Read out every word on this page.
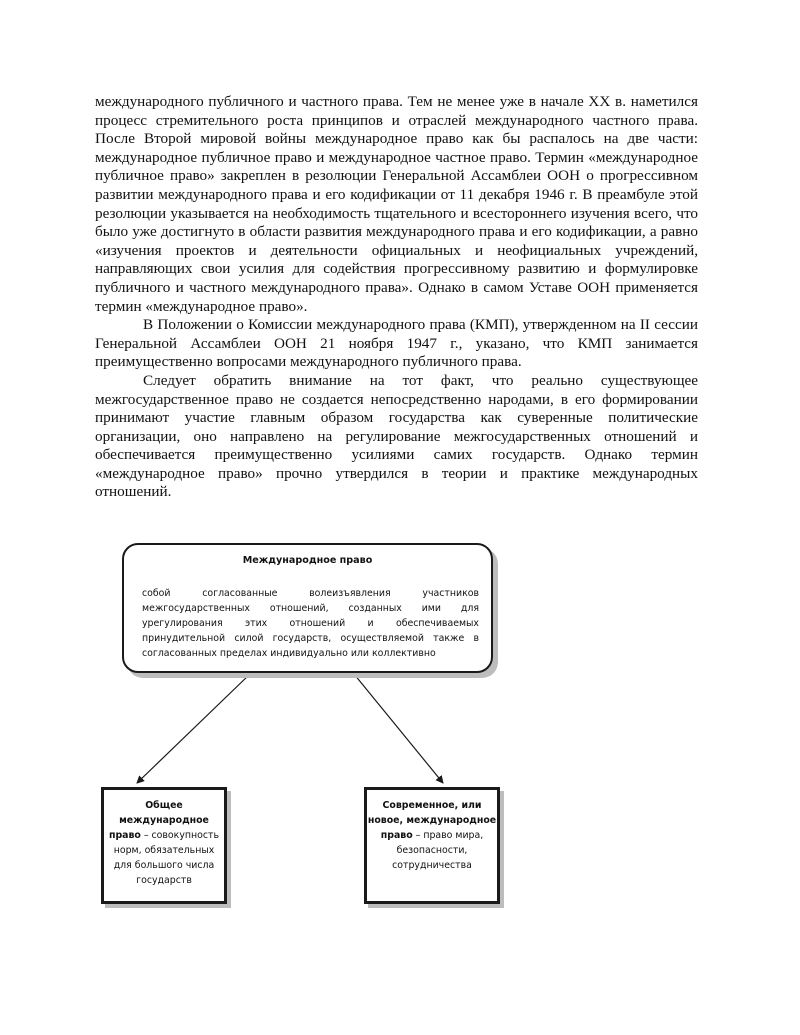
международного публичного и частного права. Тем не менее уже в начале XX в. наметился процесс стремительного роста принципов и отраслей международного частного права. После Второй мировой войны международное право как бы распалось на две части: международное публичное право и международное частное право. Термин «международное публичное право» закреплен в резолюции Генеральной Ассамблеи ООН о прогрессивном развитии международного права и его кодификации от 11 декабря 1946 г. В преамбуле этой резолюции указывается на необходимость тщательного и всестороннего изучения всего, что было уже достигнуто в области развития международного права и его кодификации, а равно «изучения проектов и деятельности официальных и неофициальных учреждений, направляющих свои усилия для содействия прогрессивному развитию и формулировке публичного и частного международного права». Однако в самом Уставе ООН применяется термин «международное право».

В Положении о Комиссии международного права (КМП), утвержденном на II сессии Генеральной Ассамблеи ООН 21 ноября 1947 г., указано, что КМП занимается преимущественно вопросами международного публичного права.

Следует обратить внимание на тот факт, что реально существующее межгосударственное право не создается непосредственно народами, в его формировании принимают участие главным образом государства как суверенные политические организации, оно направлено на регулирование межгосударственных отношений и обеспечивается преимущественно усилиями самих государств. Однако термин «международное право» прочно утвердился в теории и практике международных отношений.

Международное право
собой согласованные волеизъявления участников межгосударственных отношений, созданных ими для урегулирования этих отношений и обеспечиваемых принудительной силой государств, осуществляемой также в согласованных пределах индивидуально или коллективно
Общее международное право – совокупность норм, обязательных для большого числа государств
Современное, или новое, международное право – право мира, безопасности, сотрудничества
